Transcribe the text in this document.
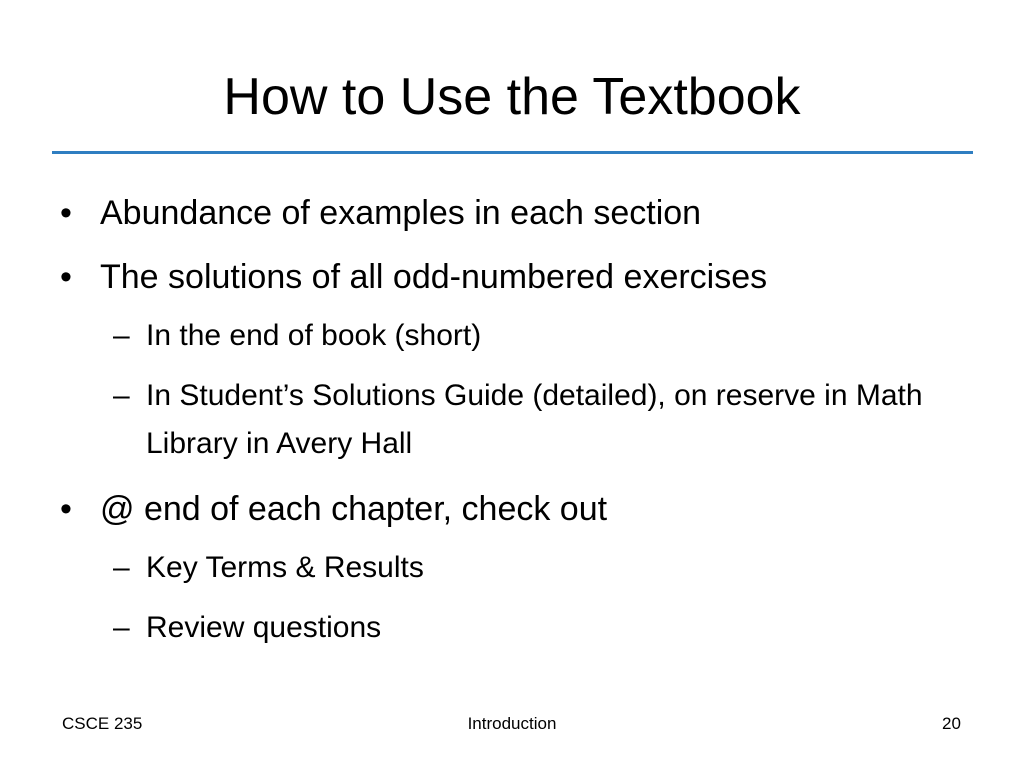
How to Use the Textbook

• Abundance of examples in each section

• The solutions of all odd-numbered exercises

– In the end of book (short)

– In Student’s Solutions Guide (detailed), on reserve in Math Library in Avery Hall

• @ end of each chapter, check out

– Key Terms & Results

– Review questions

CSCE 235	Introduction	20
